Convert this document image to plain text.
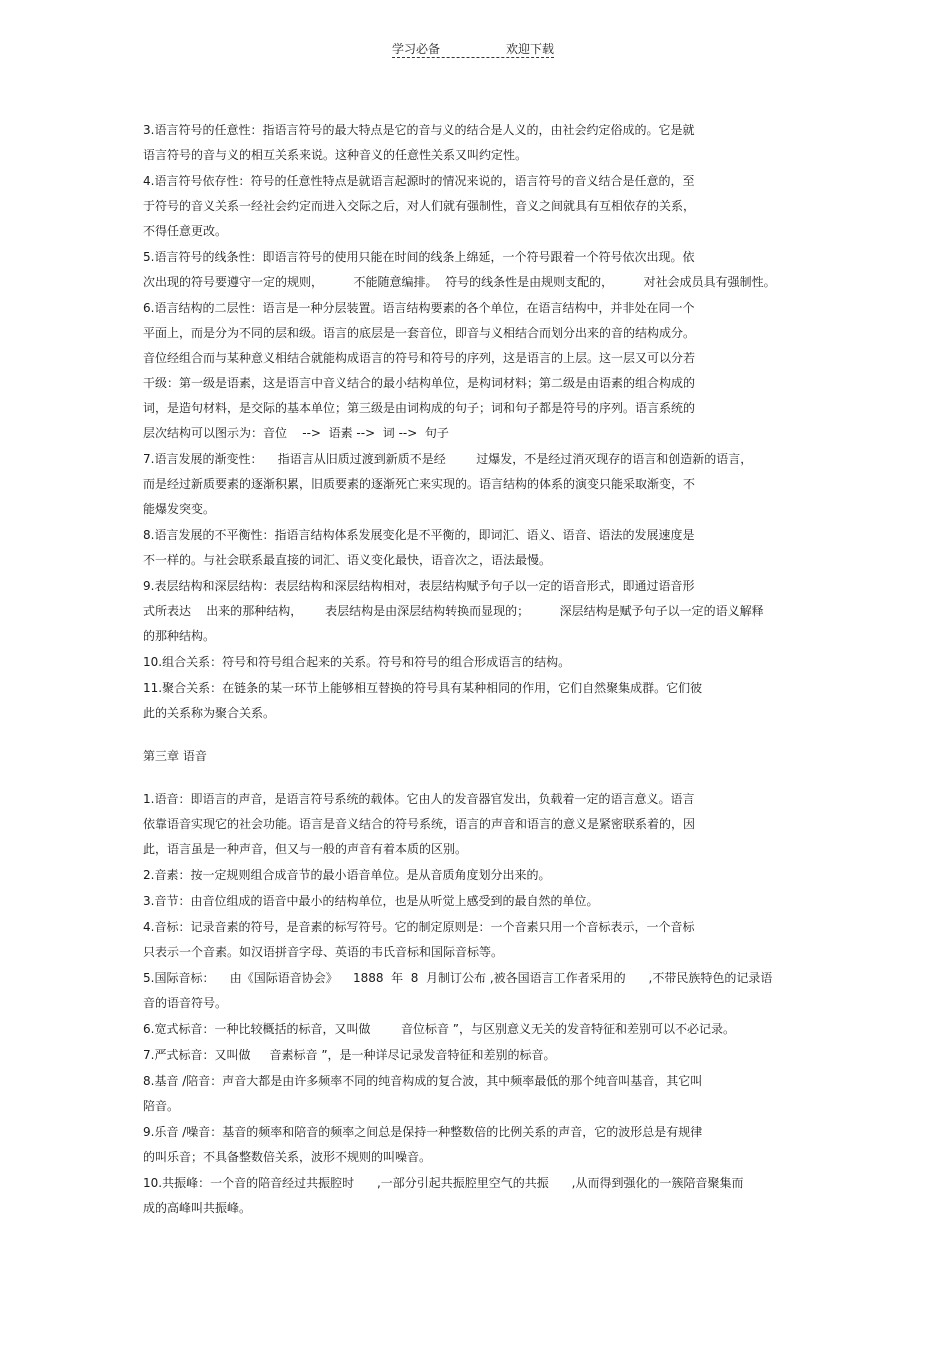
学习必备	欢迎下载
3.语言符号的任意性：指语言符号的最大特点是它的音与义的结合是人义的，由社会约定俗成的。它是就
语言符号的音与义的相互关系来说。这种音义的任意性关系又叫约定性。
4.语言符号依存性：符号的任意性特点是就语言起源时的情况来说的，语言符号的音义结合是任意的，至
于符号的音义关系一经社会约定而进入交际之后，对人们就有强制性，音义之间就具有互相依存的关系，
不得任意更改。
5.语言符号的线条性：即语言符号的使用只能在时间的线条上绵延，一个符号跟着一个符号依次出现。依
次出现的符号要遵守一定的规则，        不能随意编排。  符号的线条性是由规则支配的，        对社会成员具有强制性。
6.语言结构的二层性：语言是一种分层装置。语言结构要素的各个单位，在语言结构中，并非处在同一个
平面上，而是分为不同的层和级。语言的底层是一套音位，即音与义相结合而划分出来的音的结构成分。
音位经组合而与某种意义相结合就能构成语言的符号和符号的序列，这是语言的上层。这一层又可以分若
干级：第一级是语素，这是语言中音义结合的最小结构单位，是构词材料；第二级是由语素的组合构成的
词，是造句材料，是交际的基本单位；第三级是由词构成的句子；词和句子都是符号的序列。语言系统的
层次结构可以图示为：音位    -->  语素 -->  词 -->  句子
7.语言发展的渐变性：    指语言从旧质过渡到新质不是经        过爆发，不是经过消灭现存的语言和创造新的语言，
而是经过新质要素的逐渐积累，旧质要素的逐渐死亡来实现的。语言结构的体系的演变只能采取渐变，不
能爆发突变。
8.语言发展的不平衡性：指语言结构体系发展变化是不平衡的，即词汇、语义、语音、语法的发展速度是
不一样的。与社会联系最直接的词汇、语义变化最快，语音次之，语法最慢。
9.表层结构和深层结构：表层结构和深层结构相对，表层结构赋予句子以一定的语音形式，即通过语音形
式所表达    出来的那种结构，      表层结构是由深层结构转换而显现的；        深层结构是赋予句子以一定的语义解释
的那种结构。
10.组合关系：符号和符号组合起来的关系。符号和符号的组合形成语言的结构。
11.聚合关系：在链条的某一环节上能够相互替换的符号具有某种相同的作用，它们自然聚集成群。它们彼
此的关系称为聚合关系。
第三章 语音
1.语音：即语言的声音，是语言符号系统的载体。它由人的发音器官发出，负载着一定的语言意义。语言
依靠语音实现它的社会功能。语言是音义结合的符号系统，语言的声音和语言的意义是紧密联系着的，因
此，语言虽是一种声音，但又与一般的声音有着本质的区别。
2.音素：按一定规则组合成音节的最小语音单位。是从音质角度划分出来的。
3.音节：由音位组成的语音中最小的结构单位，也是从听觉上感受到的最自然的单位。
4.音标：记录音素的符号，是音素的标写符号。它的制定原则是：一个音素只用一个音标表示，一个音标
只表示一个音素。如汉语拼音字母、英语的韦氏音标和国际音标等。
5.国际音标：    由《国际语音协会》    1888  年  8  月制订公布 ,被各国语言工作者采用的      ,不带民族特色的记录语
音的语音符号。
6.宽式标音：一种比较概括的标音，又叫做        音位标音 ”，与区别意义无关的发音特征和差别可以不必记录。
7.严式标音：又叫做     音素标音 ”，是一种详尽记录发音特征和差别的标音。
8.基音 /陪音：声音大都是由许多频率不同的纯音构成的复合波，其中频率最低的那个纯音叫基音，其它叫
陪音。
9.乐音 /噪音：基音的频率和陪音的频率之间总是保持一种整数倍的比例关系的声音，它的波形总是有规律
的叫乐音；不具备整数倍关系，波形不规则的叫噪音。
10.共振峰：一个音的陪音经过共振腔时      ,一部分引起共振腔里空气的共振      ,从而得到强化的一簇陪音聚集而
成的高峰叫共振峰。
